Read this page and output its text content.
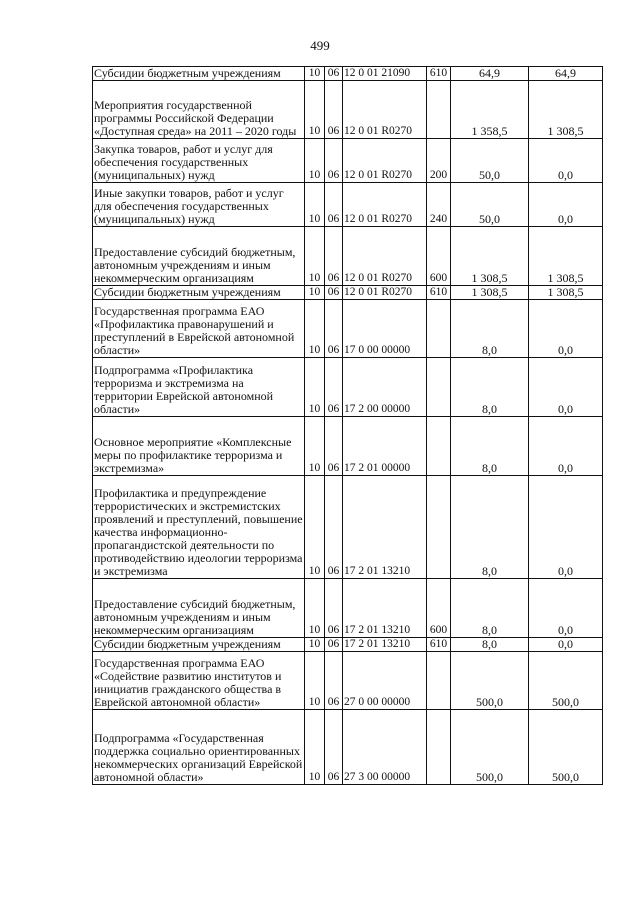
499
Субсидии бюджетным учреждениям	10	06	12 0 01 21090	610	64,9	64,9
Мероприятия государственной программы Российской Федерации «Доступная среда» на 2011 – 2020 годы	10	06	12 0 01 R0270		1 358,5	1 308,5
Закупка товаров, работ и услуг для обеспечения государственных (муниципальных) нужд	10	06	12 0 01 R0270	200	50,0	0,0
Иные закупки товаров, работ и услуг для обеспечения государственных (муниципальных) нужд	10	06	12 0 01 R0270	240	50,0	0,0
Предоставление субсидий бюджетным, автономным учреждениям и иным некоммерческим организациям	10	06	12 0 01 R0270	600	1 308,5	1 308,5
Субсидии бюджетным учреждениям	10	06	12 0 01 R0270	610	1 308,5	1 308,5
Государственная программа ЕАО «Профилактика правонарушений и преступлений в Еврейской автономной области»	10	06	17 0 00 00000		8,0	0,0
Подпрограмма «Профилактика терроризма и экстремизма на территории Еврейской автономной области»	10	06	17 2 00 00000		8,0	0,0
Основное мероприятие «Комплексные меры по профилактике терроризма и экстремизма»	10	06	17 2 01 00000		8,0	0,0
Профилактика и предупреждение террористических и экстремистских проявлений и преступлений, повышение качества информационно-пропагандистской деятельности по противодействию идеологии терроризма и экстремизма	10	06	17 2 01 13210		8,0	0,0
Предоставление субсидий бюджетным, автономным учреждениям и иным некоммерческим организациям	10	06	17 2 01 13210	600	8,0	0,0
Субсидии бюджетным учреждениям	10	06	17 2 01 13210	610	8,0	0,0
Государственная программа ЕАО «Содействие развитию институтов и инициатив гражданского общества в Еврейской автономной области»	10	06	27 0 00 00000		500,0	500,0
Подпрограмма «Государственная поддержка социально ориентированных некоммерческих организаций Еврейской автономной области»	10	06	27 3 00 00000		500,0	500,0
